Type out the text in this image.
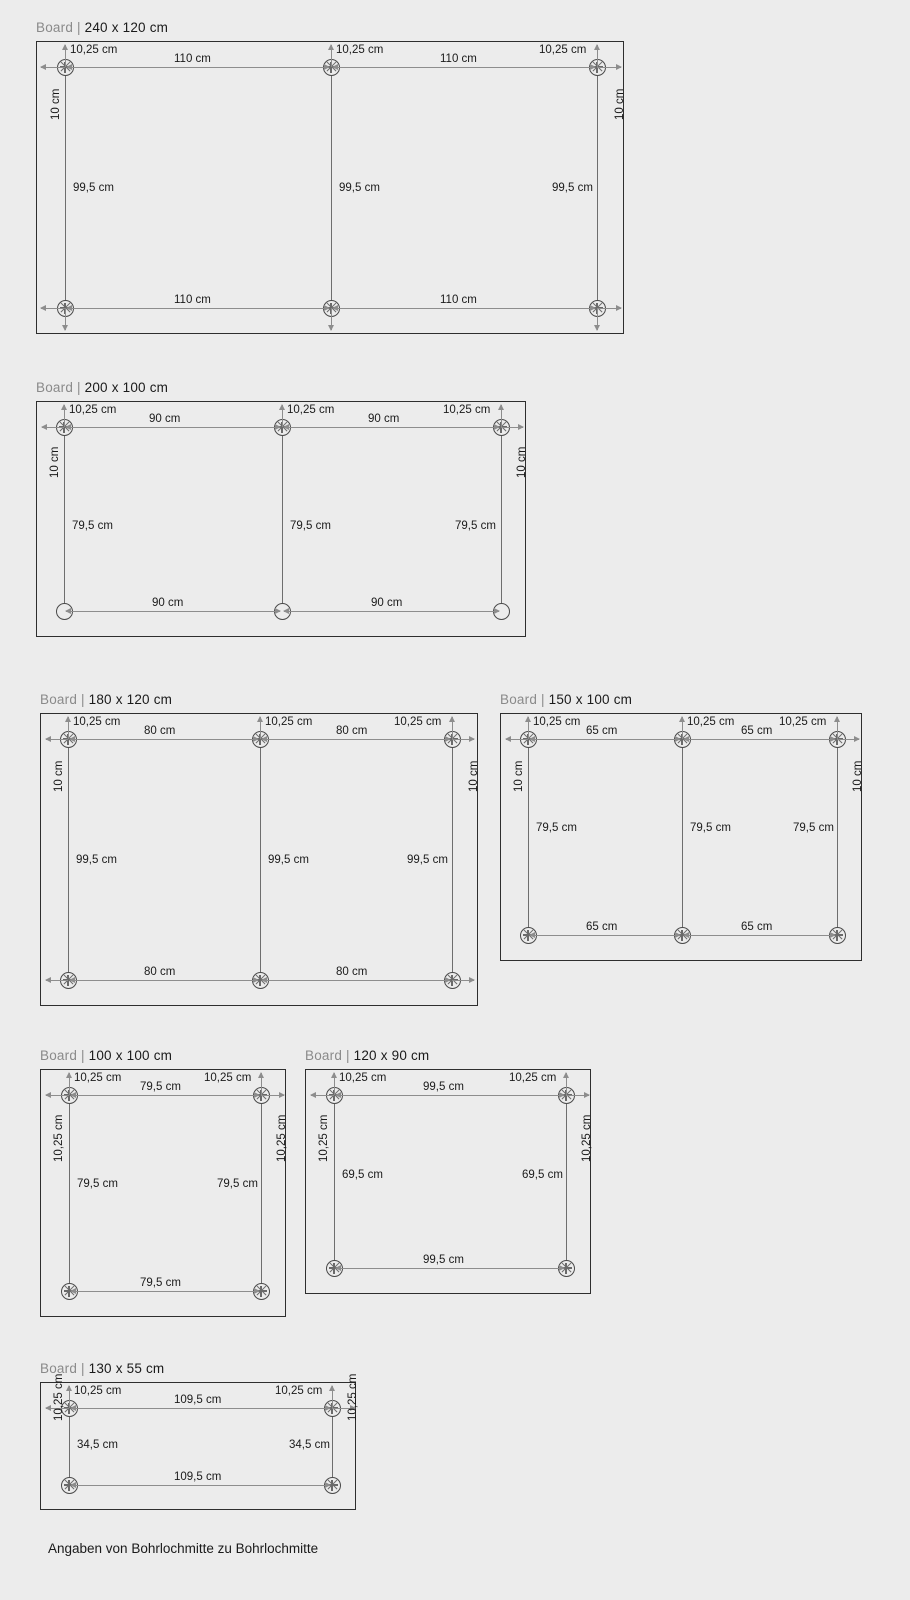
Board | 240 x 120 cm
10,25 cm	10,25 cm	10,25 cm
110 cm	110 cm
110 cm	110 cm
10 cm	10 cm
99,5 cm	99,5 cm	99,5 cm
Board | 200 x 100 cm
10,25 cm	10,25 cm	10,25 cm
90 cm	90 cm
90 cm	90 cm
10 cm	10 cm
79,5 cm	79,5 cm	79,5 cm
Board | 180 x 120 cm
10,25 cm	10,25 cm	10,25 cm
80 cm	80 cm
80 cm	80 cm
10 cm	10 cm
99,5 cm	99,5 cm	99,5 cm
Board | 150 x 100 cm
10,25 cm	10,25 cm	10,25 cm
65 cm	65 cm
65 cm	65 cm
10 cm	10 cm
79,5 cm	79,5 cm	79,5 cm
Board | 100 x 100 cm
10,25 cm	10,25 cm
79,5 cm
79,5 cm
10,25 cm	10,25 cm
79,5 cm	79,5 cm
Board | 120 x 90 cm
10,25 cm	10,25 cm
99,5 cm
99,5 cm
10,25 cm	10,25 cm
69,5 cm	69,5 cm
Board | 130 x 55 cm
10,25 cm	10,25 cm
109,5 cm
109,5 cm
10,25 cm	10,25 cm
34,5 cm	34,5 cm
Angaben von Bohrlochmitte zu Bohrlochmitte
